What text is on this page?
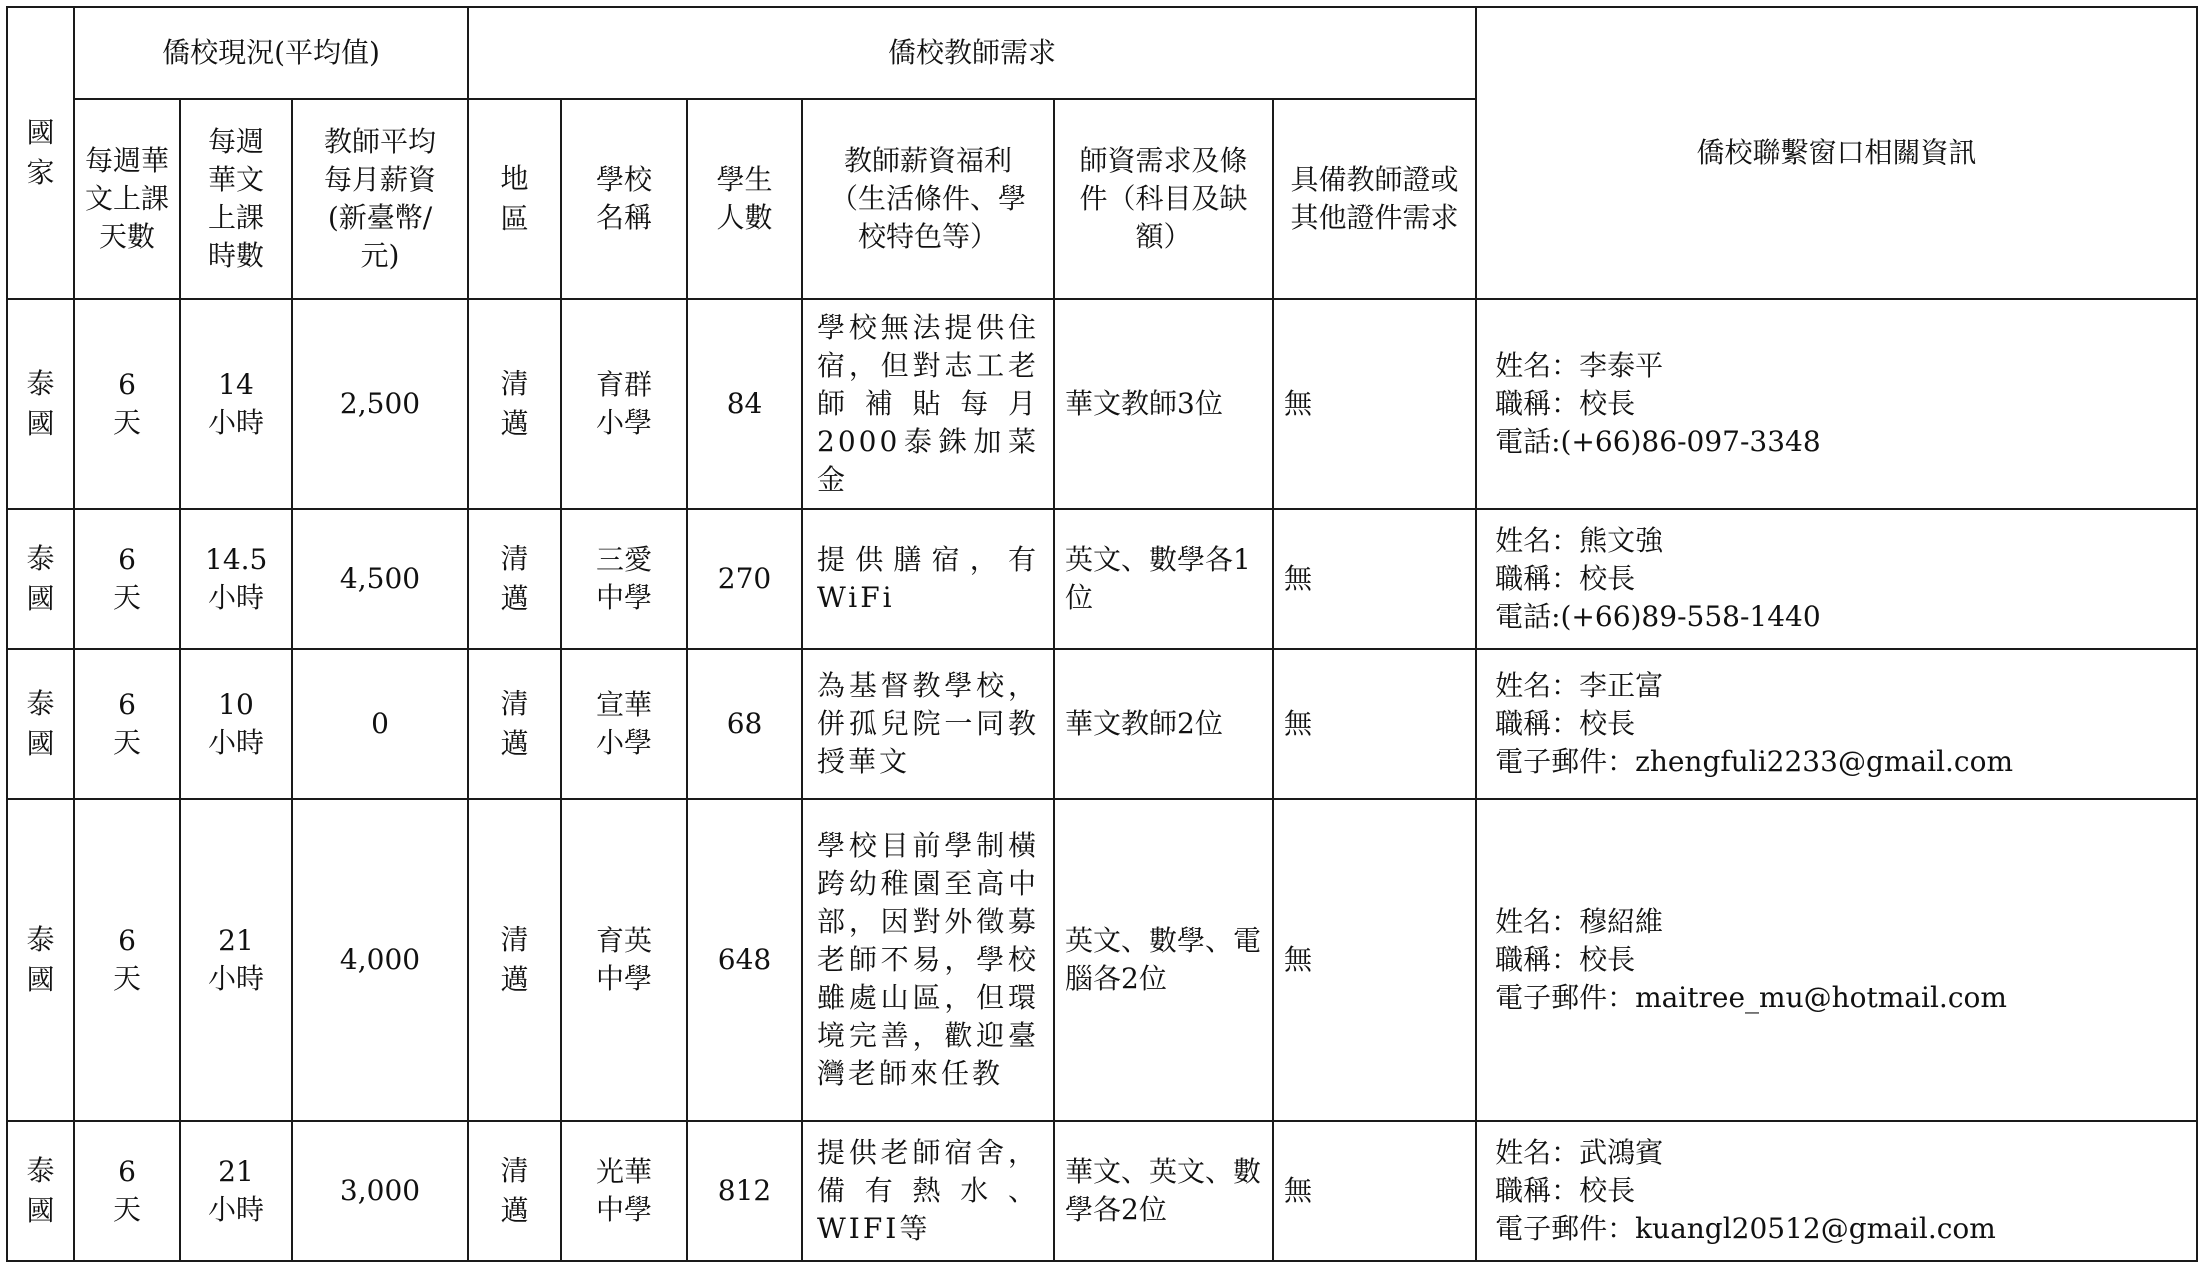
國家	僑校現況(平均值)			僑校教師需求						僑校聯繫窗口相關資訊
	每週華文上課天數	每週華文上課時數	教師平均每月薪資(新臺幣/元)	地區	學校名稱	學生人數	教師薪資福利（生活條件、學校特色等）	師資需求及條件（科目及缺額）	具備教師證或其他證件需求	
泰國	6天	14小時	2,500	清邁	育群小學	84	學校無法提供住宿，但對志工老師補貼每月2000泰銖加菜金	華文教師3位	無	姓名：李泰平
職稱：校長
電話:(+66)86-097-3348

泰國	6天	14.5小時	4,500	清邁	三愛中學	270	提供膳宿，有WiFi	英文、數學各1位	無	姓名：熊文強
職稱：校長
電話:(+66)89-558-1440

泰國	6天	10小時	0	清邁	宣華小學	68	為基督教學校，併孤兒院一同教授華文	華文教師2位	無	姓名：李正富
職稱：校長
電子郵件：zhengfuli2233@gmail.com

泰國	6天	21小時	4,000	清邁	育英中學	648	學校目前學制橫跨幼稚園至高中部，因對外徵募老師不易，學校雖處山區，但環境完善，歡迎臺灣老師來任教	英文、數學、電腦各2位	無	姓名：穆紹維
職稱：校長
電子郵件：maitree_mu@hotmail.com

泰國	6天	21小時	3,000	清邁	光華中學	812	提供老師宿舍，備有熱水、WIFI等	華文、英文、數學各2位	無	姓名：武鴻賓
職稱：校長
電子郵件：kuangl20512@gmail.com
